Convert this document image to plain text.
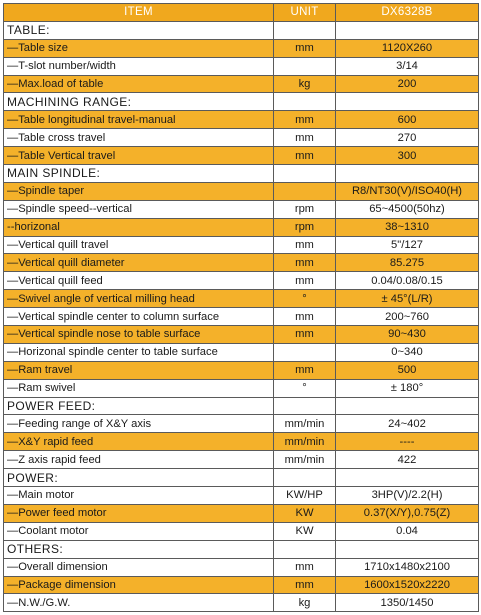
ITEM	UNIT	DX6328B
TABLE:		
—Table size	mm	1120X260
—T-slot number/width		3/14
—Max.load of table	kg	200
MACHINING RANGE:		
—Table longitudinal travel-manual	mm	600
—Table cross travel	mm	270
—Table Vertical travel	mm	300
MAIN SPINDLE:		
—Spindle taper		R8/NT30(V)/ISO40(H)
—Spindle speed--vertical	rpm	65~4500(50hz)
--horizonal	rpm	38~1310
—Vertical quill travel	mm	5"/127
—Vertical quill diameter	mm	85.275
—Vertical quill feed	mm	0.04/0.08/0.15
—Swivel angle of vertical milling head	°	± 45°(L/R)
—Vertical spindle center to column surface	mm	200~760
—Vertical spindle nose to table surface	mm	90~430
—Horizonal spindle center to table surface		0~340
—Ram travel	mm	500
—Ram swivel	°	± 180°
POWER FEED:		
—Feeding range of X&Y axis	mm/min	24~402
—X&Y rapid feed	mm/min	----
—Z axis rapid feed	mm/min	422
POWER:		
—Main motor	KW/HP	3HP(V)/2.2(H)
—Power feed motor	KW	0.37(X/Y),0.75(Z)
—Coolant motor	KW	0.04
OTHERS:		
—Overall dimension	mm	1710x1480x2100
—Package dimension	mm	1600x1520x2220
—N.W./G.W.	kg	1350/1450
